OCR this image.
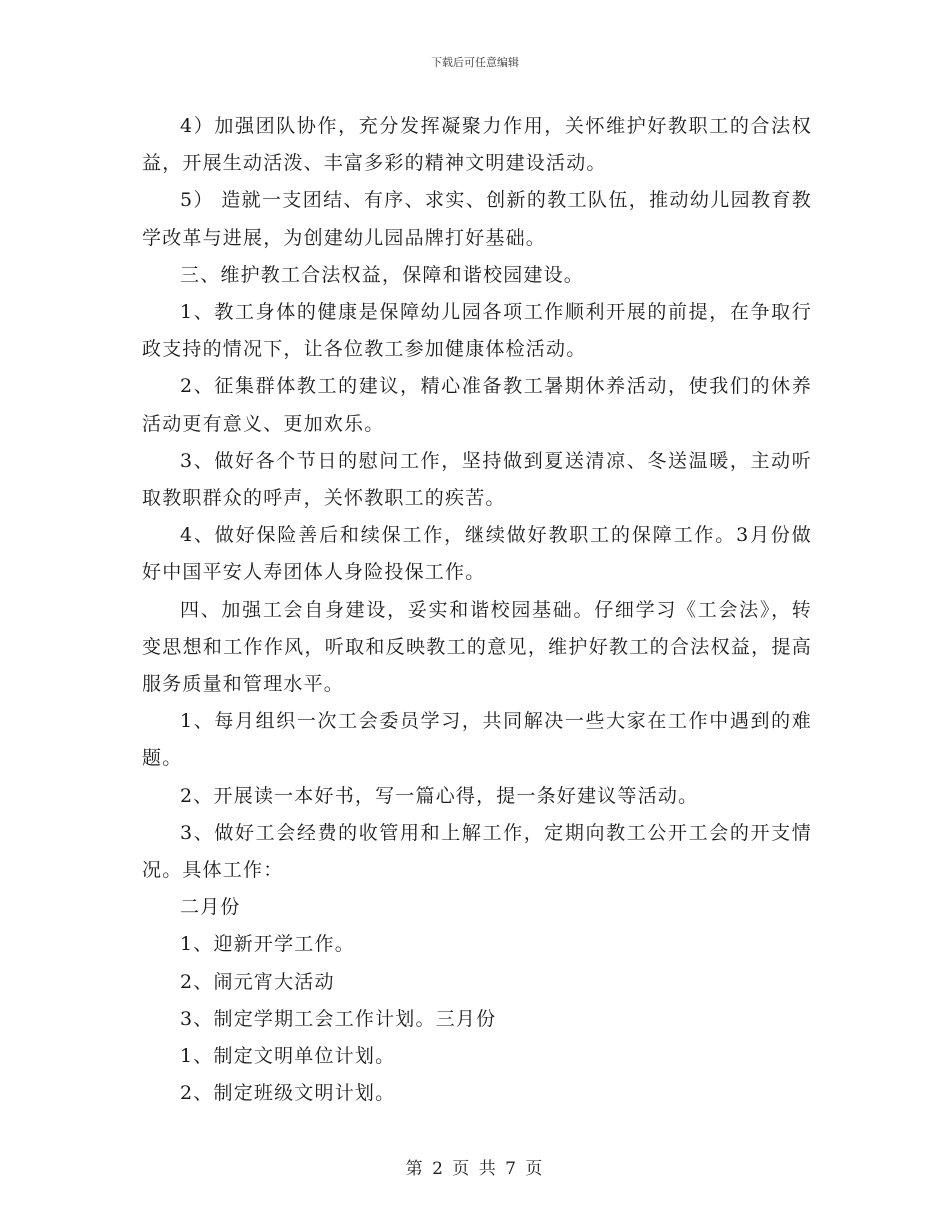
下载后可任意编辑

4）加强团队协作，充分发挥凝聚力作用，关怀维护好教职工的合法权益，开展生动活泼、丰富多彩的精神文明建设活动。

5） 造就一支团结、有序、求实、创新的教工队伍，推动幼儿园教育教学改革与进展，为创建幼儿园品牌打好基础。

三、维护教工合法权益，保障和谐校园建设。

1、教工身体的健康是保障幼儿园各项工作顺利开展的前提，在争取行政支持的情况下，让各位教工参加健康体检活动。

2、征集群体教工的建议，精心准备教工暑期休养活动，使我们的休养活动更有意义、更加欢乐。

3、做好各个节日的慰问工作，坚持做到夏送清凉、冬送温暖，主动听取教职群众的呼声，关怀教职工的疾苦。

4、做好保险善后和续保工作，继续做好教职工的保障工作。3月份做好中国平安人寿团体人身险投保工作。

四、加强工会自身建设，妥实和谐校园基础。仔细学习《工会法》，转变思想和工作作风，听取和反映教工的意见，维护好教工的合法权益，提高服务质量和管理水平。

1、每月组织一次工会委员学习，共同解决一些大家在工作中遇到的难题。

2、开展读一本好书，写一篇心得，提一条好建议等活动。

3、做好工会经费的收管用和上解工作，定期向教工公开工会的开支情况。具体工作：

二月份

1、迎新开学工作。

2、闹元宵大活动

3、制定学期工会工作计划。三月份

1、制定文明单位计划。

2、制定班级文明计划。

第 2 页 共 7 页
